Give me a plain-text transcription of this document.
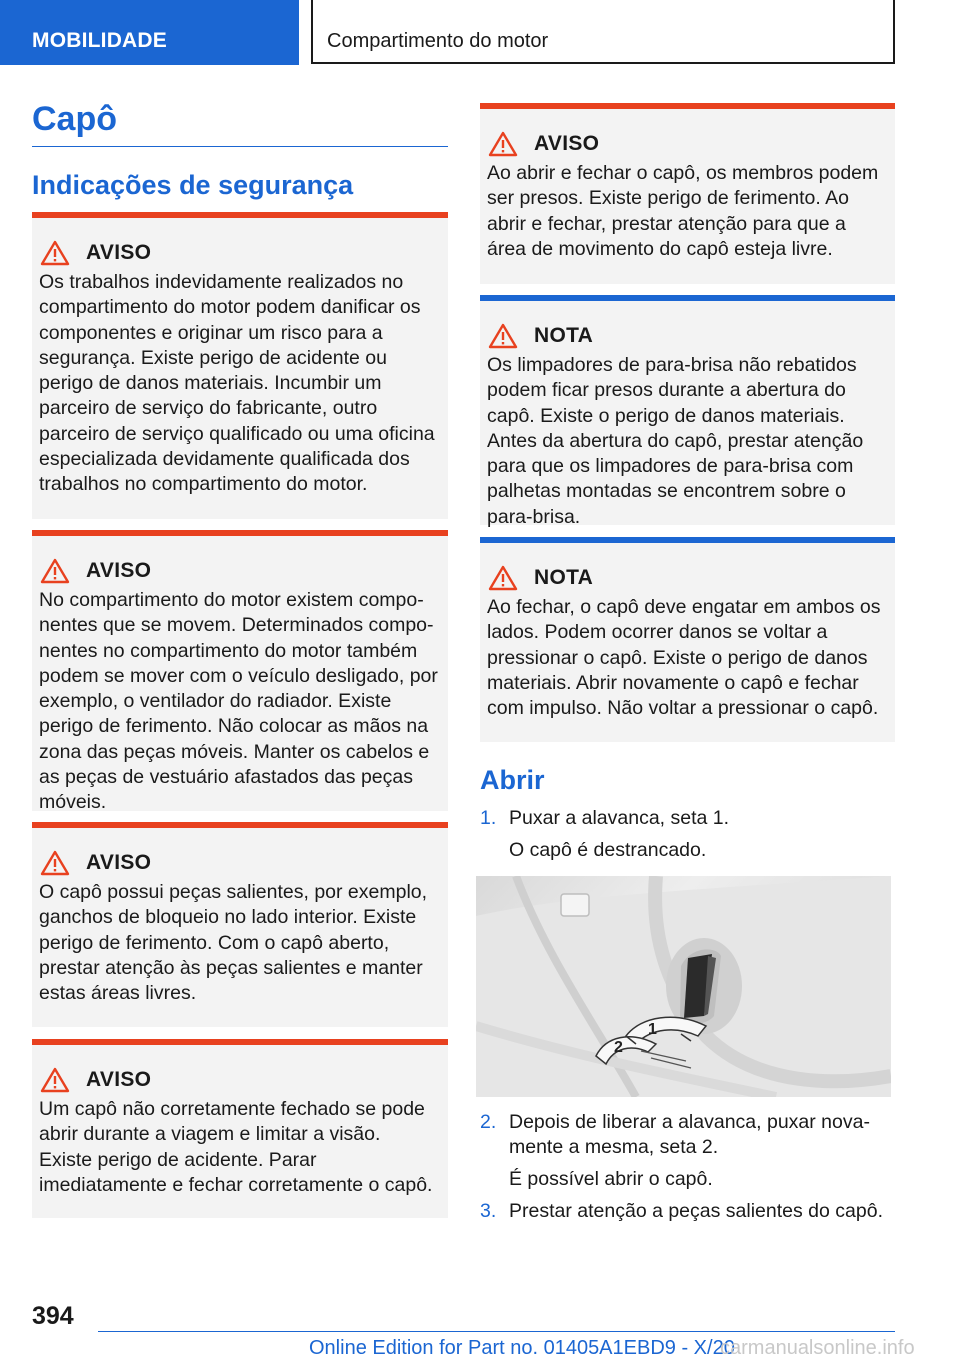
MOBILIDADE	Compartimento do motor
Capô
Indicações de segurança
AVISO
Os trabalhos indevidamente realizados no compartimento do motor podem danificar os componentes e originar um risco para a segurança. Existe perigo de acidente ou perigo de danos materiais. Incumbir um parceiro de serviço do fabricante, outro parceiro de serviço qualificado ou uma oficina especializada devidamente qualificada dos trabalhos no compartimento do motor.
AVISO
No compartimento do motor existem componentes que se movem. Determinados componentes no compartimento do motor também podem se mover com o veículo desligado, por exemplo, o ventilador do radiador. Existe perigo de ferimento. Não colocar as mãos na zona das peças móveis. Manter os cabelos e as peças de vestuário afastados das peças móveis.
AVISO
O capô possui peças salientes, por exemplo, ganchos de bloqueio no lado interior. Existe perigo de ferimento. Com o capô aberto, prestar atenção às peças salientes e manter estas áreas livres.
AVISO
Um capô não corretamente fechado se pode abrir durante a viagem e limitar a visão. Existe perigo de acidente. Parar imediatamente e fechar corretamente o capô.
AVISO
Ao abrir e fechar o capô, os membros podem ser presos. Existe perigo de ferimento. Ao abrir e fechar, prestar atenção para que a área de movimento do capô esteja livre.
NOTA
Os limpadores de para-brisa não rebatidos podem ficar presos durante a abertura do capô. Existe o perigo de danos materiais. Antes da abertura do capô, prestar atenção para que os limpadores de para-brisa com palhetas montadas se encontrem sobre o para-brisa.
NOTA
Ao fechar, o capô deve engatar em ambos os lados. Podem ocorrer danos se voltar a pressionar o capô. Existe o perigo de danos materiais. Abrir novamente o capô e fechar com impulso. Não voltar a pressionar o capô.
Abrir
1. Puxar a alavanca, seta 1.
O capô é destrancado.
1
2
2. Depois de liberar a alavanca, puxar novamente a mesma, seta 2.
É possível abrir o capô.
3. Prestar atenção a peças salientes do capô.
394
Online Edition for Part no. 01405A1EBD9 - X/20
carmanualsonline.info
